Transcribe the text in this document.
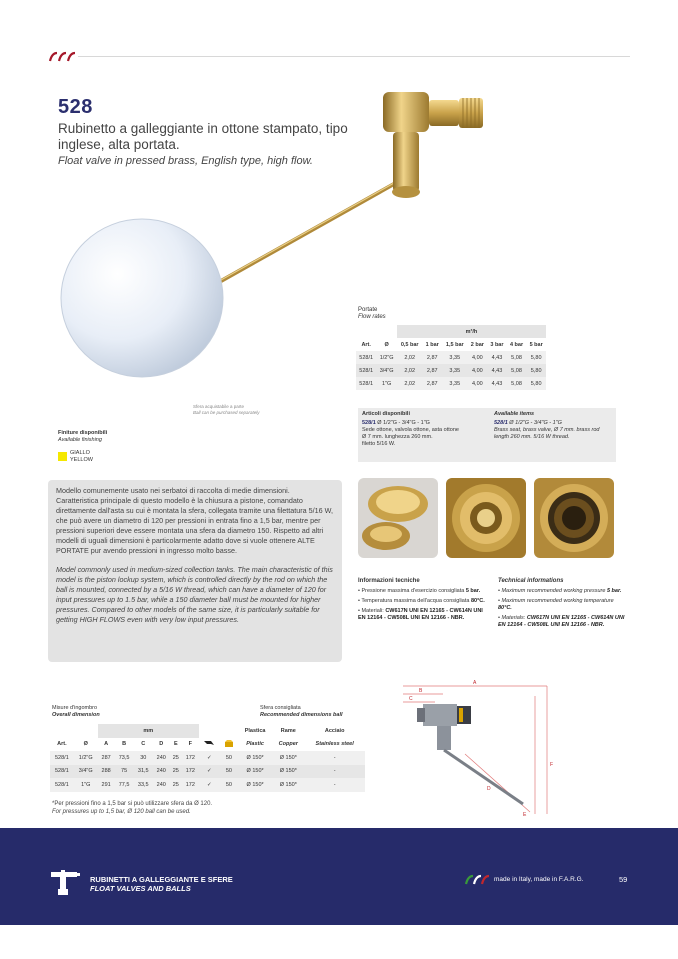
528
Rubinetto a galleggiante in ottone stampato, tipo inglese, alta portata.
Float valve in pressed brass, English type, high flow.
Sfera acquistabile a parte
Ball can be purchased separately
Finiture disponibili
Available finishing
GIALLO
YELLOW
Portate
Flow rates
		m³/h						
Art.	Ø	0,5 bar	1 bar	1,5 bar	2 bar	3 bar	4 bar	5 bar
528/1	1/2"G	2,02	2,87	3,35	4,00	4,43	5,08	5,80
528/1	3/4"G	2,02	2,87	3,35	4,00	4,43	5,08	5,80
528/1	1"G	2,02	2,87	3,35	4,00	4,43	5,08	5,80
Articoli disponibili
528/1 Ø 1/2"G - 3/4"G - 1"G
Sede ottone, valvola ottone, asta ottone
Ø 7 mm. lunghezza 260 mm.
filetto 5/16 W.
Available items
528/1 Ø 1/2"G - 3/4"G - 1"G
Brass seat, brass valve, Ø 7 mm. brass rod
length 260 mm. 5/16 W thread.

Modello comunemente usato nei serbatoi di raccolta di medie dimensioni. Caratteristica principale di questo modello è la chiusura a pistone, comandato direttamente dall'asta su cui è montata la sfera, collegata tramite una filettatura 5/16 W, che può avere un diametro di 120 per pressioni in entrata fino a 1,5 bar, mentre per pressioni superiori deve essere montata una sfera da diametro 150. Rispetto ad altri modelli di uguali dimensioni è particolarmente adatto dove si vuole ottenere ALTE PORTATE pur avendo pressioni in ingresso molto basse.

Model commonly used in medium-sized collection tanks. The main characteristic of this model is the piston lockup system, which is controlled directly by the rod on which the ball is mounted, connected by a 5/16 W thread, which can have a diameter of 120 for input pressures up to 1.5 bar, while a 150 diameter ball must be mounted for higher pressures. Compared to other models of the same size, it is particularly suitable for getting HIGH FLOWS even with very low input pressures.

Informazioni tecniche
• Pressione massima d'esercizio consigliata 5 bar.
• Temperatura massima dell'acqua consigliata 80°C.
• Materiali: CW617N UNI EN 12165 - CW614N UNI EN 12164 - CW508L UNI EN 12166 - NBR.
Technical informations
• Maximum recommended working pressure 5 bar.
• Maximum recommended working temperature 80°C.
• Materials: CW617N UNI EN 12165 - CW614N UNI EN 12164 - CW508L UNI EN 12166 - NBR.
Misure d'ingombro
Overall dimension
Sfera consigliata
Recommended dimensions ball
		mm								Plastica	Rame	Acciaio

Art.	Ø	A	B	C	D	E	F			Plastic	Copper	Stainless steel
528/1	1/2"G	287	73,5	30	240	25	172	✓	50	Ø 150*	Ø 150*	-
528/1	3/4"G	288	75	31,5	240	25	172	✓	50	Ø 150*	Ø 150*	-
528/1	1"G	291	77,5	33,5	240	25	172	✓	50	Ø 150*	Ø 150*	-
A
B
C
D
E
F
*Per pressioni fino a 1,5 bar si può utilizzare sfera da Ø 120.
For pressures up to 1,5 bar, Ø 120 ball can be used.
RUBINETTI A GALLEGGIANTE E SFERE
FLOAT VALVES AND BALLS
made in Italy, made in F.A.R.G.	59
